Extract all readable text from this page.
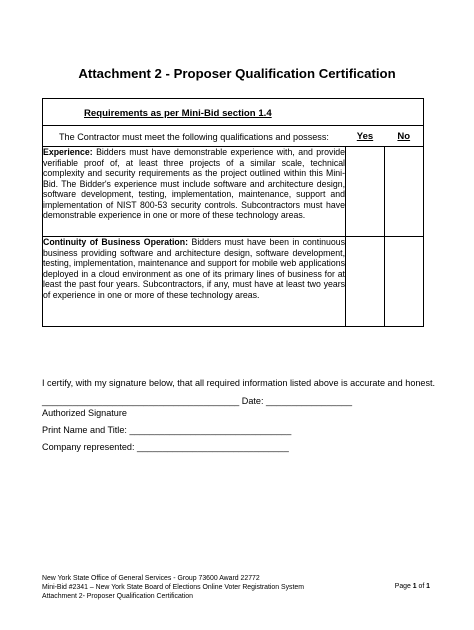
Attachment 2 - Proposer Qualification Certification
Requirements as per Mini-Bid section 1.4		
The Contractor must meet the following qualifications and possess:	Yes	No
Experience: Bidders must have demonstrable experience with, and provide verifiable proof of, at least three projects of a similar scale, technical complexity and security requirements as the project outlined within this Mini-Bid. The Bidder's experience must include software and architecture design, software development, testing, implementation, maintenance, support and implementation of NIST 800-53 security controls. Subcontractors must have demonstrable experience in one or more of these technology areas.		
Continuity of Business Operation: Bidders must have been in continuous business providing software and architecture design, software development, testing, implementation, maintenance and support for mobile web applications deployed in a cloud environment as one of its primary lines of business for at least the past four years. Subcontractors, if any, must have at least two years of experience in one or more of these technology areas.		
I certify, with my signature below, that all required information listed above is accurate and honest.
_______________________________________ Date: _________________
Authorized Signature
Print Name and Title: ________________________________
Company represented: ______________________________
New York State Office of General Services - Group 73600 Award 22772
Mini-Bid #2341 – New York State Board of Elections Online Voter Registration System
Attachment 2- Proposer Qualification Certification
Page 1 of 1
